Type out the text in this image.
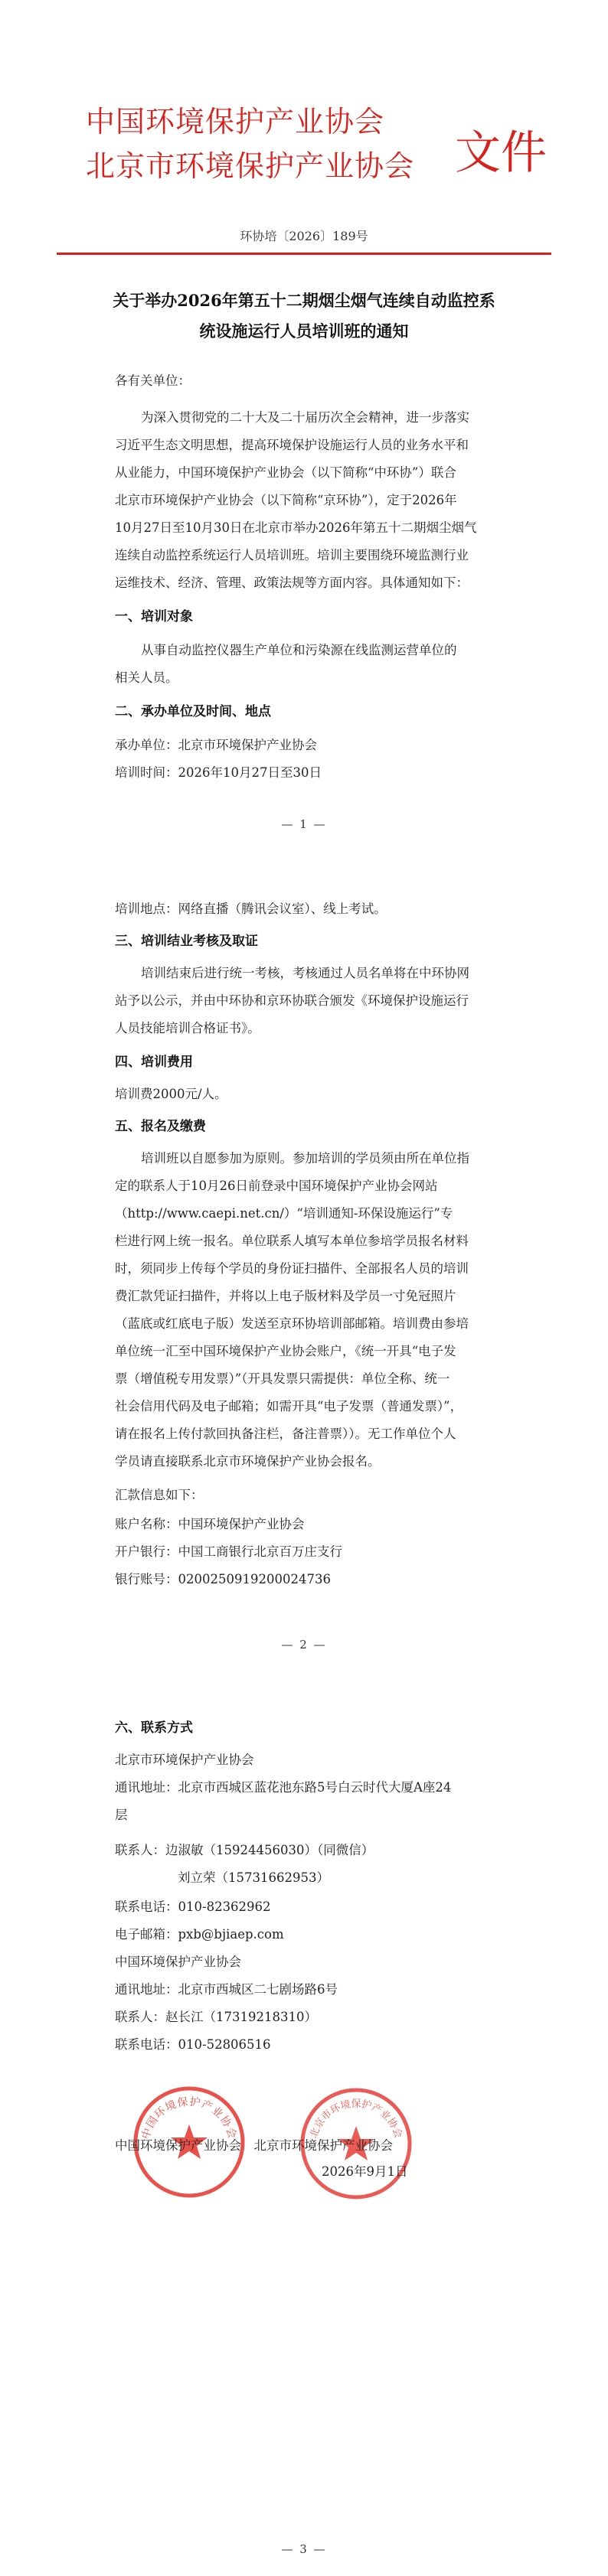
中国环境保护产业协会
北京市环境保护产业协会 文件
环协培〔2026〕189号
关于举办2026年第五十二期烟尘烟气连续自动监控系
统设施运行人员培训班的通知
各有关单位：
为深入贯彻党的二十大及二十届历次全会精神，进一步落实
习近平生态文明思想，提高环境保护设施运行人员的业务水平和
从业能力，中国环境保护产业协会（以下简称“中环协”）联合
北京市环境保护产业协会（以下简称“京环协”），定于2026年
10月27日至10月30日在北京市举办2026年第五十二期烟尘烟气
连续自动监控系统运行人员培训班。培训主要围绕环境监测行业
运维技术、经济、管理、政策法规等方面内容。具体通知如下：
一、培训对象
从事自动监控仪器生产单位和污染源在线监测运营单位的
相关人员。
二、承办单位及时间、地点
承办单位：北京市环境保护产业协会
培训时间：2026年10月27日至30日
— 1 —
培训地点：网络直播（腾讯会议室）、线上考试。
三、培训结业考核及取证
培训结束后进行统一考核，考核通过人员名单将在中环协网
站予以公示，并由中环协和京环协联合颁发《环境保护设施运行
人员技能培训合格证书》。
四、培训费用
培训费2000元/人。
五、报名及缴费
培训班以自愿参加为原则。参加培训的学员须由所在单位指
定的联系人于10月26日前登录中国环境保护产业协会网站
（http://www.caepi.net.cn/）“培训通知-环保设施运行”专
栏进行网上统一报名。单位联系人填写本单位参培学员报名材料
时，须同步上传每个学员的身份证扫描件、全部报名人员的培训
费汇款凭证扫描件，并将以上电子版材料及学员一寸免冠照片
（蓝底或红底电子版）发送至京环协培训部邮箱。培训费由参培
单位统一汇至中国环境保护产业协会账户，《统一开具“电子发
票（增值税专用发票）”（开具发票只需提供：单位全称、统一
社会信用代码及电子邮箱；如需开具“电子发票（普通发票）”，
请在报名上传付款回执备注栏，备注普票））。无工作单位个人
学员请直接联系北京市环境保护产业协会报名。
汇款信息如下：
账户名称：中国环境保护产业协会
开户银行：中国工商银行北京百万庄支行
银行账号：0200250919200024736
— 2 —
六、联系方式
北京市环境保护产业协会
通讯地址：北京市西城区蓝花池东路5号白云时代大厦A座24
层
联系人：边淑敏（15924456030）（同微信）
刘立荣（15731662953）
联系电话：010-82362962
电子邮箱：pxb@bjiaep.com
中国环境保护产业协会
通讯地址：北京市西城区二七剧场路6号
联系人：赵长江（17319218310）
联系电话：010-52806516
中国环境保护产业协会	北京市环境保护产业协会
中国环境保护产业协会　北京市环境保护产业协会
2026年9月1日
— 3 —
